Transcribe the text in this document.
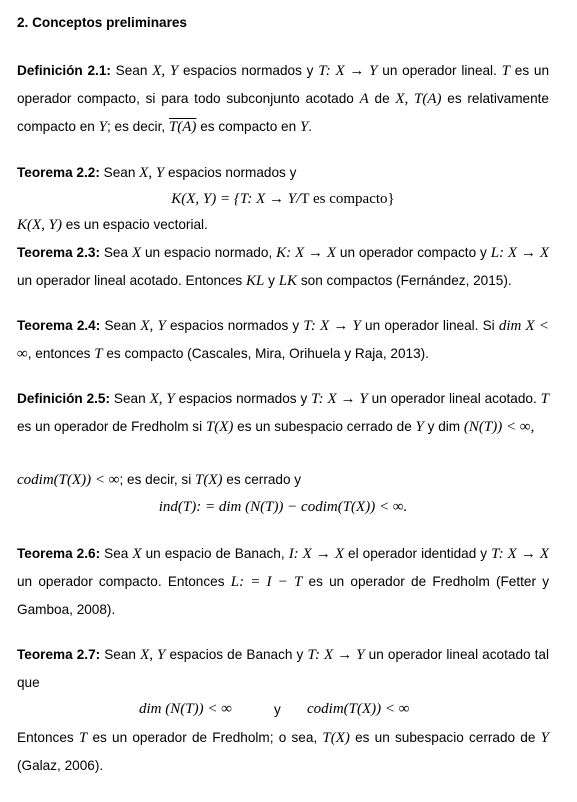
2. Conceptos preliminares
Definición 2.1: Sean X, Y espacios normados y T: X → Y un operador lineal. T es un operador compacto, si para todo subconjunto acotado A de X, T(A) es relativamente compacto en Y; es decir, T(A) es compacto en Y.
Teorema 2.2: Sean X, Y espacios normados y
K(X, Y) = {T: X → Y/T es compacto}
K(X, Y) es un espacio vectorial.
Teorema 2.3: Sea X un espacio normado, K: X → X un operador compacto y L: X → X un operador lineal acotado. Entonces KL y LK son compactos (Fernández, 2015).
Teorema 2.4: Sean X, Y espacios normados y T: X → Y un operador lineal. Si dim X < ∞, entonces T es compacto (Cascales, Mira, Orihuela y Raja, 2013).
Definición 2.5: Sean X, Y espacios normados y T: X → Y un operador lineal acotado. T es un operador de Fredholm si T(X) es un subespacio cerrado de Y y dim (N(T)) < ∞,
codim(T(X)) < ∞; es decir, si T(X) es cerrado y
ind(T): = dim (N(T)) − codim(T(X)) < ∞.
Teorema 2.6: Sea X un espacio de Banach, I: X → X el operador identidad y T: X → X un operador compacto. Entonces L: = I − T es un operador de Fredholm (Fetter y Gamboa, 2008).
Teorema 2.7: Sean X, Y espacios de Banach y T: X → Y un operador lineal acotado tal que
dim (N(T)) < ∞	y codim(T(X)) < ∞
Entonces T es un operador de Fredholm; o sea, T(X) es un subespacio cerrado de Y (Galaz, 2006).
